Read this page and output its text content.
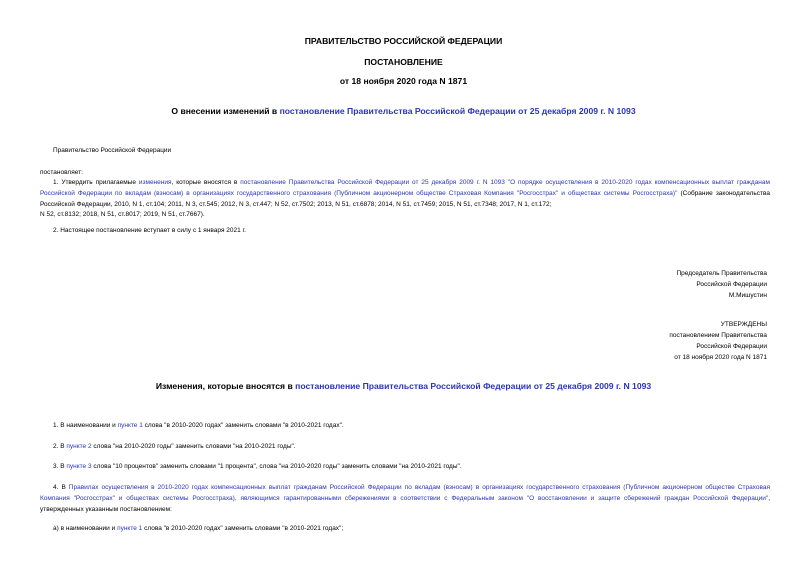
ПРАВИТЕЛЬСТВО РОССИЙСКОЙ ФЕДЕРАЦИИ
ПОСТАНОВЛЕНИЕ
от 18 ноября 2020 года N 1871
О внесении изменений в постановление Правительства Российской Федерации от 25 декабря 2009 г. N 1093
Правительство Российской Федерации
постановляет:
1. Утвердить прилагаемые изменения, которые вносятся в постановление Правительства Российской Федерации от 25 декабря 2009 г. N 1093 "О порядке осуществления в 2010-2020 годах компенсационных выплат гражданам Российской Федерации по вкладам (взносам) в организациях государственного страхования (Публичном акционерном обществе Страховая Компания "Росгосстрах" и обществах системы Росгосстраха)" (Собрание законодательства Российской Федерации, 2010, N 1, ст.104; 2011, N 3, ст.545; 2012, N 3, ст.447; N 52, ст.7502; 2013, N 51, ст.6878; 2014, N 51, ст.7459; 2015, N 51, ст.7348; 2017, N 1, ст.172;
N 52, ст.8132; 2018, N 51, ст.8017; 2019, N 51, ст.7667).
2. Настоящее постановление вступает в силу с 1 января 2021 г.
Председатель Правительства
Российской Федерации
М.Мишустин
УТВЕРЖДЕНЫ
постановлением Правительства
Российской Федерации
от 18 ноября 2020 года N 1871
Изменения, которые вносятся в постановление Правительства Российской Федерации от 25 декабря 2009 г. N 1093
1. В наименовании и пункте 1 слова "в 2010-2020 годах" заменить словами "в 2010-2021 годах".
2. В пункте 2 слова "на 2010-2020 годы" заменить словами "на 2010-2021 годы".
3. В пункте 3 слова "10 процентов" заменить словами "1 процента", слова "на 2010-2020 годы" заменить словами "на 2010-2021 годы".
4. В Правилах осуществления в 2010-2020 годах компенсационных выплат гражданам Российской Федерации по вкладам (взносам) в организациях государственного страхования (Публичном акционерном обществе Страховая Компания "Росгосстрах" и обществах системы Росгосстраха), являющимся гарантированными сбережениями в соответствии с Федеральным законом "О восстановлении и защите сбережений граждан Российской Федерации", утвержденных указанным постановлением:
а) в наименовании и пункте 1 слова "в 2010-2020 годах" заменить словами "в 2010-2021 годах";
